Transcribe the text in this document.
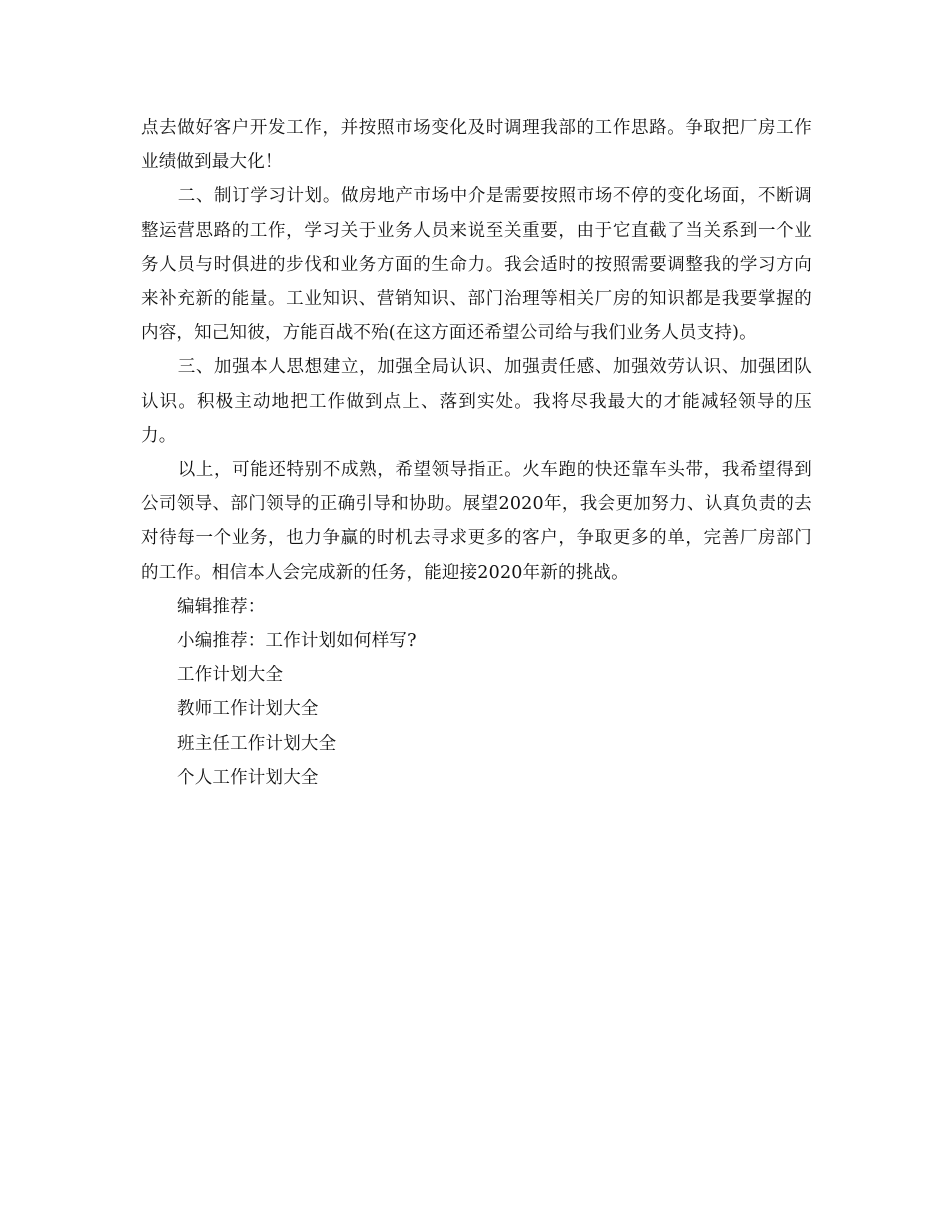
点去做好客户开发工作，并按照市场变化及时调理我部的工作思路。争取把厂房工作业绩做到最大化！

二、制订学习计划。做房地产市场中介是需要按照市场不停的变化场面，不断调整运营思路的工作，学习关于业务人员来说至关重要，由于它直截了当关系到一个业务人员与时俱进的步伐和业务方面的生命力。我会适时的按照需要调整我的学习方向来补充新的能量。工业知识、营销知识、部门治理等相关厂房的知识都是我要掌握的内容，知己知彼，方能百战不殆(在这方面还希望公司给与我们业务人员支持)。

三、加强本人思想建立，加强全局认识、加强责任感、加强效劳认识、加强团队认识。积极主动地把工作做到点上、落到实处。我将尽我最大的才能减轻领导的压力。

以上，可能还特别不成熟，希望领导指正。火车跑的快还靠车头带，我希望得到公司领导、部门领导的正确引导和协助。展望2020年，我会更加努力、认真负责的去对待每一个业务，也力争赢的时机去寻求更多的客户，争取更多的单，完善厂房部门的工作。相信本人会完成新的任务，能迎接2020年新的挑战。

编辑推荐：

小编推荐：工作计划如何样写?

工作计划大全

教师工作计划大全

班主任工作计划大全

个人工作计划大全
